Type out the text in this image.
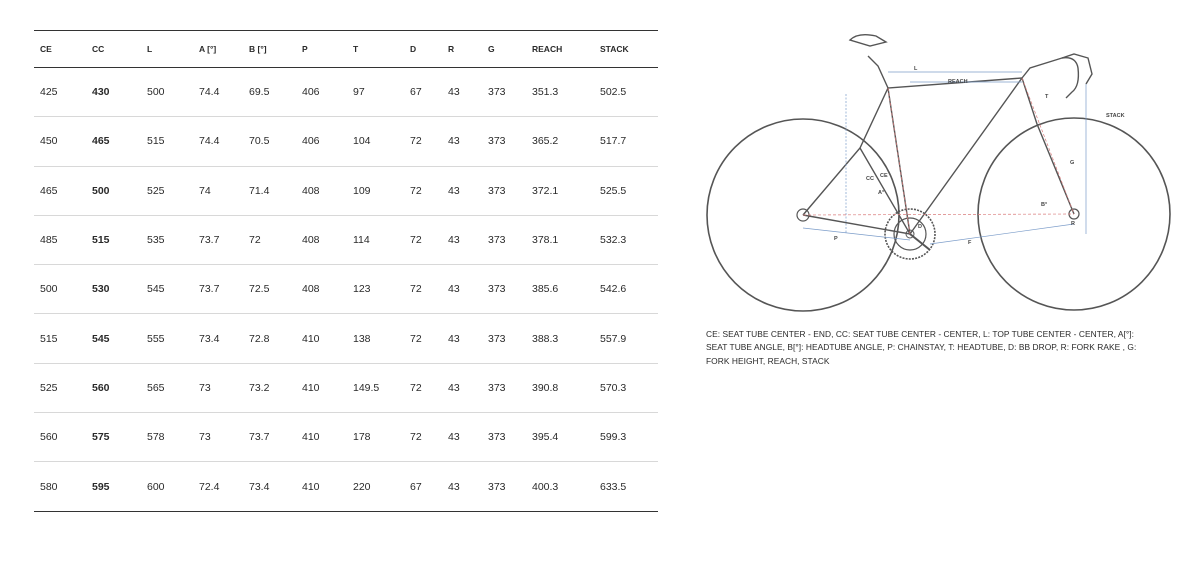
CE	CC	L	A [°]	B [°]	P	T	D	R	G	REACH	STACK
425	430	500	74.4	69.5	406	97	67	43	373	351.3	502.5
450	465	515	74.4	70.5	406	104	72	43	373	365.2	517.7
465	500	525	74	71.4	408	109	72	43	373	372.1	525.5
485	515	535	73.7	72	408	114	72	43	373	378.1	532.3
500	530	545	73.7	72.5	408	123	72	43	373	385.6	542.6
515	545	555	73.4	72.8	410	138	72	43	373	388.3	557.9
525	560	565	73	73.2	410	149.5	72	43	373	390.8	570.3
560	575	578	73	73.7	410	178	72	43	373	395.4	599.3
580	595	600	72.4	73.4	410	220	67	43	373	400.3	633.5
L
REACH
STACK
T
G
CC CE
A°
B°
D	R
P
F
CE: SEAT TUBE CENTER - END, CC: SEAT TUBE CENTER - CENTER, L: TOP TUBE CENTER - CENTER, A[°]: SEAT TUBE ANGLE, B[°]: HEADTUBE ANGLE, P: CHAINSTAY, T: HEADTUBE, D: BB DROP, R: FORK RAKE , G: FORK HEIGHT, REACH, STACK
